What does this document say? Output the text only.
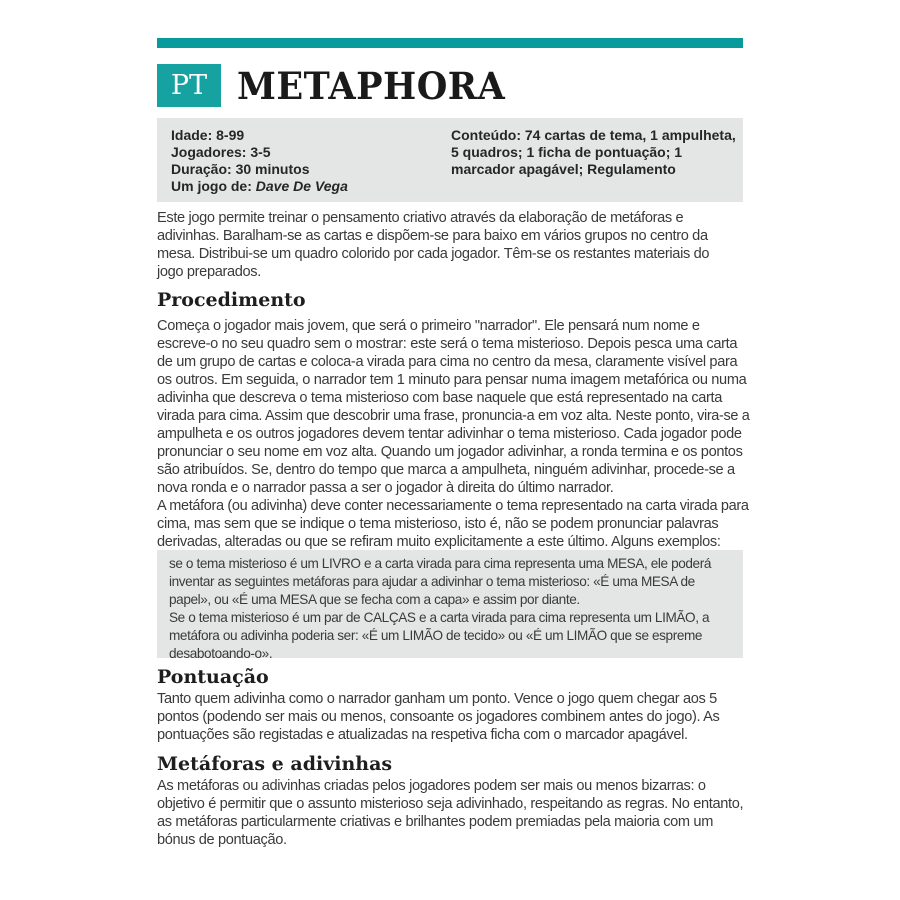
PT METAPHORA
Idade: 8-99
Jogadores: 3-5
Duração: 30 minutos
Um jogo de: Dave De Vega
Conteúdo: 74 cartas de tema, 1 ampulheta,
5 quadros; 1 ficha de pontuação; 1
marcador apagável; Regulamento
Este jogo permite treinar o pensamento criativo através da elaboração de metáforas e
adivinhas. Baralham-se as cartas e dispõem-se para baixo em vários grupos no centro da
mesa. Distribui-se um quadro colorido por cada jogador. Têm-se os restantes materiais do
jogo preparados.
Procedimento
Começa o jogador mais jovem, que será o primeiro "narrador". Ele pensará num nome e
escreve-o no seu quadro sem o mostrar: este será o tema misterioso. Depois pesca uma carta
de um grupo de cartas e coloca-a virada para cima no centro da mesa, claramente visível para
os outros. Em seguida, o narrador tem 1 minuto para pensar numa imagem metafórica ou numa
adivinha que descreva o tema misterioso com base naquele que está representado na carta
virada para cima. Assim que descobrir uma frase, pronuncia-a em voz alta. Neste ponto, vira-se a
ampulheta e os outros jogadores devem tentar adivinhar o tema misterioso. Cada jogador pode
pronunciar o seu nome em voz alta. Quando um jogador adivinhar, a ronda termina e os pontos
são atribuídos. Se, dentro do tempo que marca a ampulheta, ninguém adivinhar, procede-se a
nova ronda e o narrador passa a ser o jogador à direita do último narrador.
A metáfora (ou adivinha) deve conter necessariamente o tema representado na carta virada para
cima, mas sem que se indique o tema misterioso, isto é, não se podem pronunciar palavras
derivadas, alteradas ou que se refiram muito explicitamente a este último. Alguns exemplos:
se o tema misterioso é um LIVRO e a carta virada para cima representa uma MESA, ele poderá
inventar as seguintes metáforas para ajudar a adivinhar o tema misterioso: «É uma MESA de
papel», ou «É uma MESA que se fecha com a capa» e assim por diante.
Se o tema misterioso é um par de CALÇAS e a carta virada para cima representa um LIMÃO, a
metáfora ou adivinha poderia ser: «É um LIMÃO de tecido» ou «É um LIMÃO que se espreme
desabotoando-o».
Pontuação
Tanto quem adivinha como o narrador ganham um ponto. Vence o jogo quem chegar aos 5
pontos (podendo ser mais ou menos, consoante os jogadores combinem antes do jogo). As
pontuações são registadas e atualizadas na respetiva ficha com o marcador apagável.
Metáforas e adivinhas
As metáforas ou adivinhas criadas pelos jogadores podem ser mais ou menos bizarras: o
objetivo é permitir que o assunto misterioso seja adivinhado, respeitando as regras. No entanto,
as metáforas particularmente criativas e brilhantes podem premiadas pela maioria com um
bónus de pontuação.
